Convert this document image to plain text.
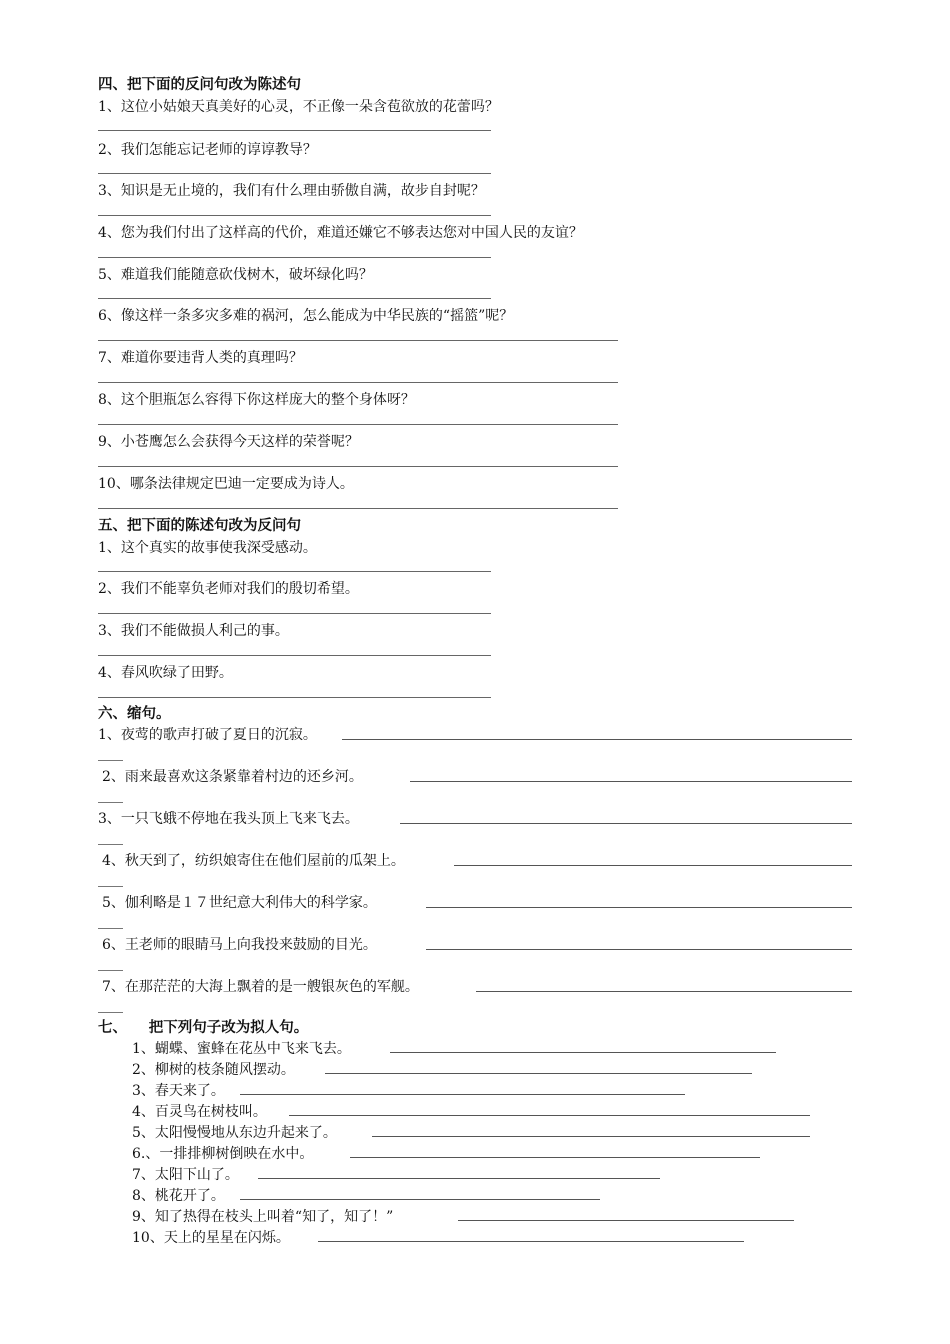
四、把下面的反问句改为陈述句
1、这位小姑娘天真美好的心灵，不正像一朵含苞欲放的花蕾吗？
2、我们怎能忘记老师的谆谆教导？
3、知识是无止境的，我们有什么理由骄傲自满，故步自封呢？
4、您为我们付出了这样高的代价，难道还嫌它不够表达您对中国人民的友谊？
5、难道我们能随意砍伐树木，破坏绿化吗？
6、像这样一条多灾多难的祸河，怎么能成为中华民族的“摇篮”呢？
7、难道你要违背人类的真理吗？
8、这个胆瓶怎么容得下你这样庞大的整个身体呀？
9、小苍鹰怎么会获得今天这样的荣誉呢？
10、哪条法律规定巴迪一定要成为诗人。
五、把下面的陈述句改为反问句
1、这个真实的故事使我深受感动。
2、我们不能辜负老师对我们的殷切希望。
3、我们不能做损人利己的事。
4、春风吹绿了田野。
六、缩句。
1、夜莺的歌声打破了夏日的沉寂。
2、雨来最喜欢这条紧靠着村边的还乡河。
3、一只飞蛾不停地在我头顶上飞来飞去。
4、秋天到了，纺织娘寄住在他们屋前的瓜架上。
5、伽利略是１７世纪意大利伟大的科学家。
6、王老师的眼睛马上向我投来鼓励的目光。
7、在那茫茫的大海上飘着的是一艘银灰色的军舰。
七、　　把下列句子改为拟人句。
1、蝴蝶、蜜蜂在花丛中飞来飞去。
2、柳树的枝条随风摆动。
3、春天来了。
4、百灵鸟在树枝叫。
5、太阳慢慢地从东边升起来了。
6.、一排排柳树倒映在水中。
7、太阳下山了。
8、桃花开了。
9、知了热得在枝头上叫着“知了，知了！”
10、天上的星星在闪烁。
